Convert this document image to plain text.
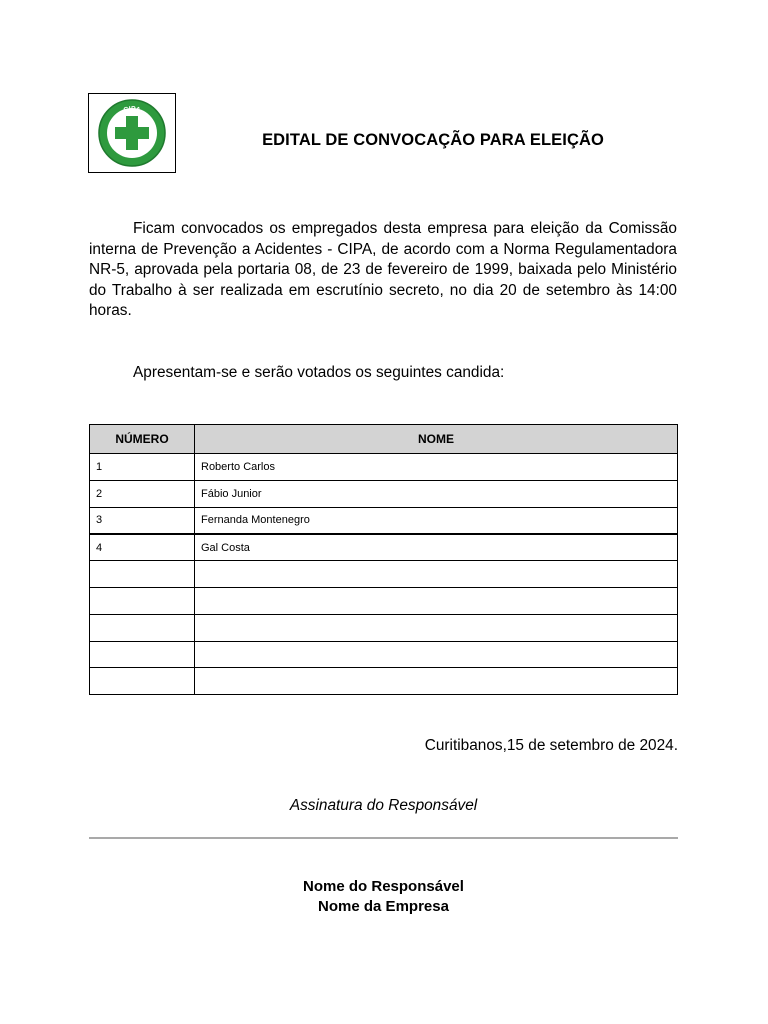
CIPA
SEGURANÇA
EDITAL DE CONVOCAÇÃO PARA ELEIÇÃO

Ficam convocados os empregados desta empresa para eleição da Comissão interna de Prevenção a Acidentes - CIPA, de acordo com a Norma Regulamentadora NR-5, aprovada pela portaria 08, de 23 de fevereiro de 1999, baixada pelo Ministério do Trabalho à ser realizada em escrutínio secreto, no dia 20 de setembro às 14:00 horas.

Apresentam-se e serão votados os seguintes candida:

NÚMERO	NOME
1	Roberto Carlos
2	Fábio Junior
3	Fernanda Montenegro
4	Gal Costa

Curitibanos,15 de setembro de 2024.
Assinatura do Responsável
Nome do Responsável
Nome da Empresa
